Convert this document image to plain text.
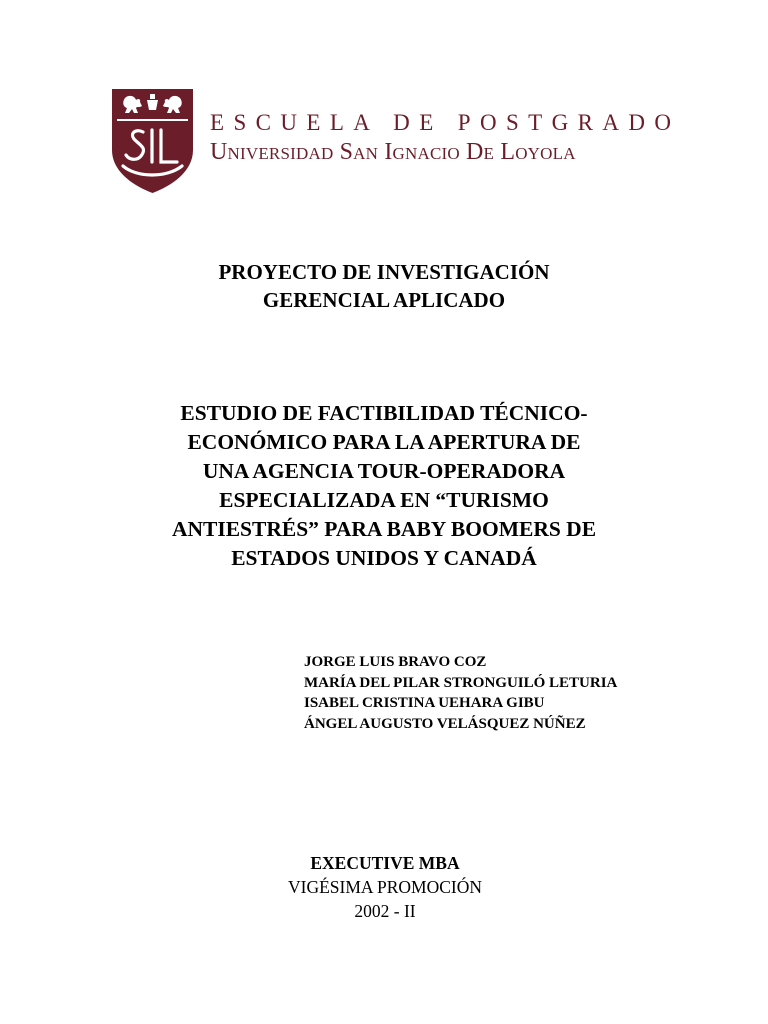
ESCUELA DE POSTGRADO
Universidad San Ignacio De Loyola
PROYECTO DE INVESTIGACIÓN
GERENCIAL APLICADO
ESTUDIO DE FACTIBILIDAD TÉCNICO-
ECONÓMICO PARA LA APERTURA DE
UNA AGENCIA TOUR-OPERADORA
ESPECIALIZADA EN “TURISMO
ANTIESTRÉS” PARA BABY BOOMERS DE
ESTADOS UNIDOS Y CANADÁ
JORGE LUIS BRAVO COZ
MARÍA DEL PILAR STRONGUILÓ LETURIA
ISABEL CRISTINA UEHARA GIBU
ÁNGEL AUGUSTO VELÁSQUEZ NÚÑEZ
EXECUTIVE MBA
VIGÉSIMA PROMOCIÓN
2002 - II
